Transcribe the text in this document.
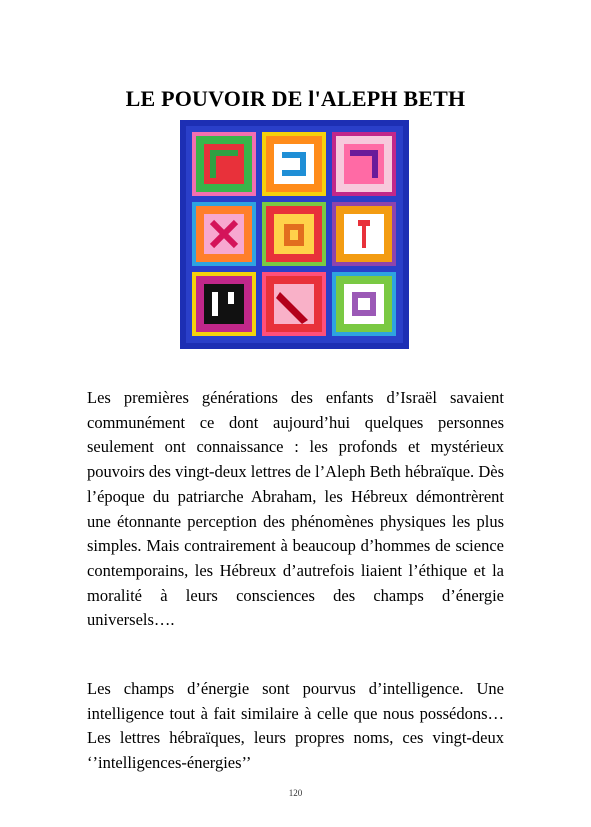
LE POUVOIR DE l'ALEPH BETH

Les premières générations des enfants d’Israël savaient communément ce dont aujourd’hui quelques personnes seulement ont connaissance : les profonds et mystérieux pouvoirs des vingt-deux lettres de l’Aleph Beth hébraïque. Dès l’époque du patriarche Abraham, les Hébreux démontrèrent une étonnante perception des phénomènes physiques les plus simples. Mais contrairement à beaucoup d’hommes de science contemporains, les Hébreux d’autrefois liaient l’éthique et la moralité à leurs consciences des champs d’énergie universels….

Les champs d’énergie sont pourvus d’intelligence. Une intelligence tout à fait similaire à celle que nous possédons… Les lettres hébraïques, leurs propres noms, ces vingt-deux ‘’intelligences-énergies’’

120
